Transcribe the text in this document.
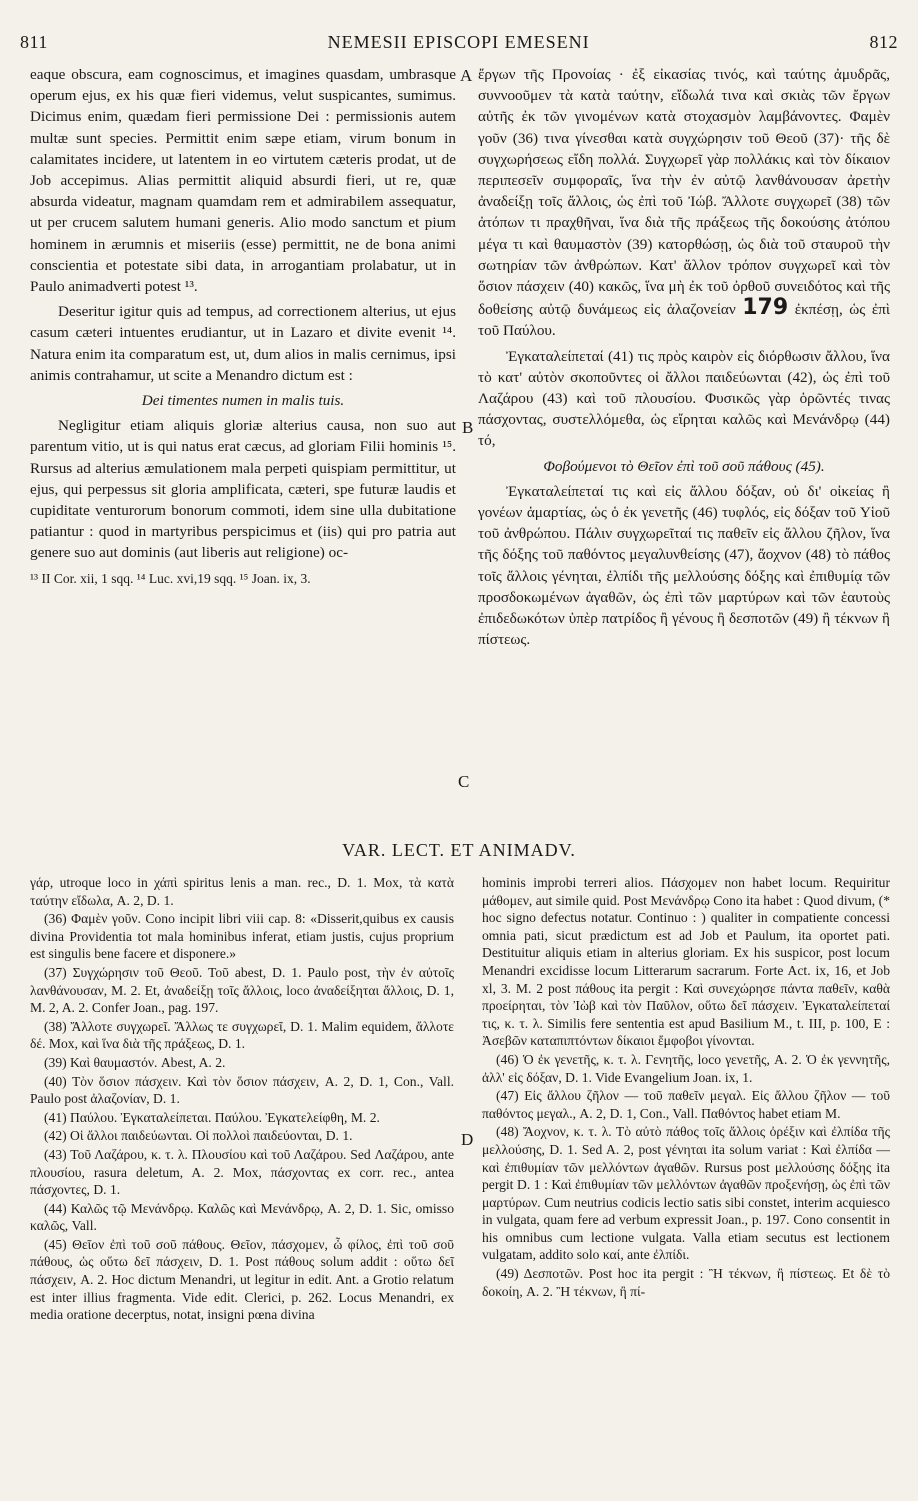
811	NEMESII EPISCOPI EMESENI	812
A
B
C
D

eaque obscura, eam cognoscimus, et imagines quasdam, umbrasque operum ejus, ex his quæ fieri videmus, velut suspicantes, sumimus. Dicimus enim, quædam fieri permissione Dei : permissionis autem multæ sunt species. Permittit enim sæpe etiam, virum bonum in calamitates incidere, ut latentem in eo virtutem cæteris prodat, ut de Job accepimus. Alias permittit aliquid absurdi fieri, ut re, quæ absurda videatur, magnam quamdam rem et admirabilem assequatur, ut per crucem salutem humani generis. Alio modo sanctum et pium hominem in ærumnis et miseriis (esse) permittit, ne de bona animi conscientia et potestate sibi data, in arrogantiam prolabatur, ut in Paulo animadverti potest ¹³.

Deseritur igitur quis ad tempus, ad correctionem alterius, ut ejus casum cæteri intuentes erudiantur, ut in Lazaro et divite evenit ¹⁴. Natura enim ita comparatum est, ut, dum alios in malis cernimus, ipsi animis contrahamur, ut scite a Menandro dictum est :

Dei timentes numen in malis tuis.

Negligitur etiam aliquis gloriæ alterius causa, non suo aut parentum vitio, ut is qui natus erat cæcus, ad gloriam Filii hominis ¹⁵. Rursus ad alterius æmulationem mala perpeti quispiam permittitur, ut ejus, qui perpessus sit gloria amplificata, cæteri, spe futuræ laudis et cupiditate venturorum bonorum commoti, idem sine ulla dubitatione patiantur : quod in martyribus perspicimus et (iis) qui pro patria aut genere suo aut dominis (aut liberis aut religione) oc-

¹³ II Cor. xii, 1 sqq. ¹⁴ Luc. xvi,19 sqq. ¹⁵ Joan. ix, 3.

ἔργων τῆς Προνοίας · ἐξ εἰκασίας τινός, καὶ ταύτης ἀμυδρᾶς, συννοοῦμεν τὰ κατὰ ταύτην, εἴδωλά τινα καὶ σκιὰς τῶν ἔργων αὐτῆς ἐκ τῶν γινομένων κατὰ στοχασμὸν λαμβάνοντες. Φαμὲν γοῦν (36) τινα γίνεσθαι κατὰ συγχώρησιν τοῦ Θεοῦ (37)· τῆς δὲ συγχωρήσεως εἴδη πολλά. Συγχωρεῖ γὰρ πολλάκις καὶ τὸν δίκαιον περιπεσεῖν συμφοραῖς, ἵνα τὴν ἐν αὐτῷ λανθάνουσαν ἀρετὴν ἀναδείξῃ τοῖς ἄλλοις, ὡς ἐπὶ τοῦ Ἰώβ. Ἄλλοτε συγχωρεῖ (38) τῶν ἀτόπων τι πραχθῆναι, ἵνα διὰ τῆς πράξεως τῆς δοκούσης ἀτόπου μέγα τι καὶ θαυμαστὸν (39) κατορθώσῃ, ὡς διὰ τοῦ σταυροῦ τὴν σωτηρίαν τῶν ἀνθρώπων. Κατ' ἄλλον τρόπον συγχωρεῖ καὶ τὸν ὅσιον πάσχειν (40) κακῶς, ἵνα μὴ ἐκ τοῦ ὀρθοῦ συνειδότος καὶ τῆς δοθείσης αὐτῷ δυνάμεως εἰς ἀλαζονείαν 179 ἐκπέσῃ, ὡς ἐπὶ τοῦ Παύλου.

Ἐγκαταλείπεταί (41) τις πρὸς καιρὸν εἰς διόρθωσιν ἄλλου, ἵνα τὸ κατ' αὐτὸν σκοποῦντες οἱ ἄλλοι παιδεύωνται (42), ὡς ἐπὶ τοῦ Λαζάρου (43) καὶ τοῦ πλουσίου. Φυσικῶς γὰρ ὁρῶντές τινας πάσχοντας, συστελλόμεθα, ὡς εἴρηται καλῶς καὶ Μενάνδρῳ (44) τό,

Φοβούμενοι τὸ Θεῖον ἐπὶ τοῦ σοῦ πάθους (45).

Ἐγκαταλείπεταί τις καὶ εἰς ἄλλου δόξαν, οὐ δι' οἰκείας ἢ γονέων ἁμαρτίας, ὡς ὁ ἐκ γενετῆς (46) τυφλός, εἰς δόξαν τοῦ Υἱοῦ τοῦ ἀνθρώπου. Πάλιν συγχωρεῖταί τις παθεῖν εἰς ἄλλου ζῆλον, ἵνα τῆς δόξης τοῦ παθόντος μεγαλυνθείσης (47), ἄοχνον (48) τὸ πάθος τοῖς ἄλλοις γένηται, ἐλπίδι τῆς μελλούσης δόξης καὶ ἐπιθυμίᾳ τῶν προσδοκωμένων ἀγαθῶν, ὡς ἐπὶ τῶν μαρτύρων καὶ τῶν ἑαυτοὺς ἐπιδεδωκότων ὑπὲρ πατρίδος ἢ γένους ἢ δεσποτῶν (49) ἢ τέκνων ἢ πίστεως.

VAR. LECT. ET ANIMADV.

γάρ, utroque loco in χάπὶ spiritus lenis a man. rec., D. 1. Mox, τὰ κατὰ ταύτην εἴδωλα, A. 2, D. 1.

(36) Φαμὲν γοῦν. Cono incipit libri viii cap. 8: «Disserit,quibus ex causis divina Providentia tot mala hominibus inferat, etiam justis, cujus proprium est singulis bene facere et disponere.»

(37) Συγχώρησιν τοῦ Θεοῦ. Τοῦ abest, D. 1. Paulo post, τὴν ἐν αὐτοῖς λανθάνουσαν, M. 2. Et, ἀναδείξῃ τοῖς ἄλλοις, loco ἀναδείξηται ἄλλοις, D. 1, M. 2, A. 2. Confer Joan., pag. 197.

(38) Ἄλλοτε συγχωρεῖ. Ἄλλως τε συγχωρεῖ, D. 1. Malim equidem, ἄλλοτε δέ. Mox, καὶ ἵνα διὰ τῆς πράξεως, D. 1.

(39) Καὶ θαυμαστόν. Abest, A. 2.

(40) Τὸν ὅσιον πάσχειν. Καὶ τὸν ὅσιον πάσχειν, A. 2, D. 1, Con., Vall. Paulo post ἀλαζονίαν, D. 1.

(41) Παύλου. Ἐγκαταλείπεται. Παύλου. Ἐγκατελείφθη, M. 2.

(42) Οἱ ἄλλοι παιδεύωνται. Οἱ πολλοὶ παιδεύονται, D. 1.

(43) Τοῦ Λαζάρου, κ. τ. λ. Πλουσίου καὶ τοῦ Λαζάρου. Sed Λαζάρου, ante πλουσίου, rasura deletum, A. 2. Mox, πάσχοντας ex corr. rec., antea πάσχοντες, D. 1.

(44) Καλῶς τῷ Μενάνδρῳ. Καλῶς καὶ Μενάνδρῳ, A. 2, D. 1. Sic, omisso καλῶς, Vall.

(45) Θεῖον ἐπὶ τοῦ σοῦ πάθους. Θεῖον, πάσχομεν, ὦ φίλος, ἐπὶ τοῦ σοῦ πάθους, ὡς οὕτω δεῖ πάσχειν, D. 1. Post πάθους solum addit : οὕτω δεῖ πάσχειν, A. 2. Hoc dictum Menandri, ut legitur in edit. Ant. a Grotio relatum est inter illius fragmenta. Vide edit. Clerici, p. 262. Locus Menandri, ex media oratione decerptus, notat, insigni pœna divina

hominis improbi terreri alios. Πάσχομεν non habet locum. Requiritur μάθομεν, aut simile quid. Post Μενάνδρῳ Cono ita habet : Quod divum, (* hoc signo defectus notatur. Continuo : ) qualiter in compatiente concessi omnia pati, sicut prædictum est ad Job et Paulum, ita oportet pati. Destituitur aliquis etiam in alterius gloriam. Ex his suspicor, post locum Menandri excidisse locum Litterarum sacrarum. Forte Act. ix, 16, et Job xl, 3. M. 2 post πάθους ita pergit : Καὶ συνεχώρησε πάντα παθεῖν, καθὰ προείρηται, τὸν Ἰὼβ καὶ τὸν Παῦλον, οὕτω δεῖ πάσχειν. Ἐγκαταλείπεταί τις, κ. τ. λ. Similis fere sententia est apud Basilium M., t. III, p. 100, E : Ἀσεβῶν καταπιπτόντων δίκαιοι ἔμφοβοι γίνονται.

(46) Ὁ ἐκ γενετῆς, κ. τ. λ. Γενητῆς, loco γενετῆς, A. 2. Ὁ ἐκ γεννητῆς, ἀλλ' εἰς δόξαν, D. 1. Vide Evangelium Joan. ix, 1.

(47) Εἰς ἄλλου ζῆλον — τοῦ παθεῖν μεγαλ. Εἰς ἄλλου ζῆλον — τοῦ παθόντος μεγαλ., A. 2, D. 1, Con., Vall. Παθόντος habet etiam M.

(48) Ἄοχνον, κ. τ. λ. Τὸ αὐτὸ πάθος τοῖς ἄλλοις ὀρέξιν καὶ ἐλπίδα τῆς μελλούσης, D. 1. Sed A. 2, post γένηται ita solum variat : Καὶ ἐλπίδα — καὶ ἐπιθυμίαν τῶν μελλόντων ἀγαθῶν. Rursus post μελλούσης δόξης ita pergit D. 1 : Καὶ ἐπιθυμίαν τῶν μελλόντων ἀγαθῶν προξενήσῃ, ὡς ἐπὶ τῶν μαρτύρων. Cum neutrius codicis lectio satis sibi constet, interim acquiesco in vulgata, quam fere ad verbum expressit Joan., p. 197. Cono consentit in his omnibus cum lectione vulgata. Valla etiam secutus est lectionem vulgatam, addito solo καί, ante ἐλπίδι.

(49) Δεσποτῶν. Post hoc ita pergit : Ἢ τέκνων, ἢ πίστεως. Et δὲ τὸ δοκοίη, A. 2. Ἢ τέκνων, ἢ πί-
